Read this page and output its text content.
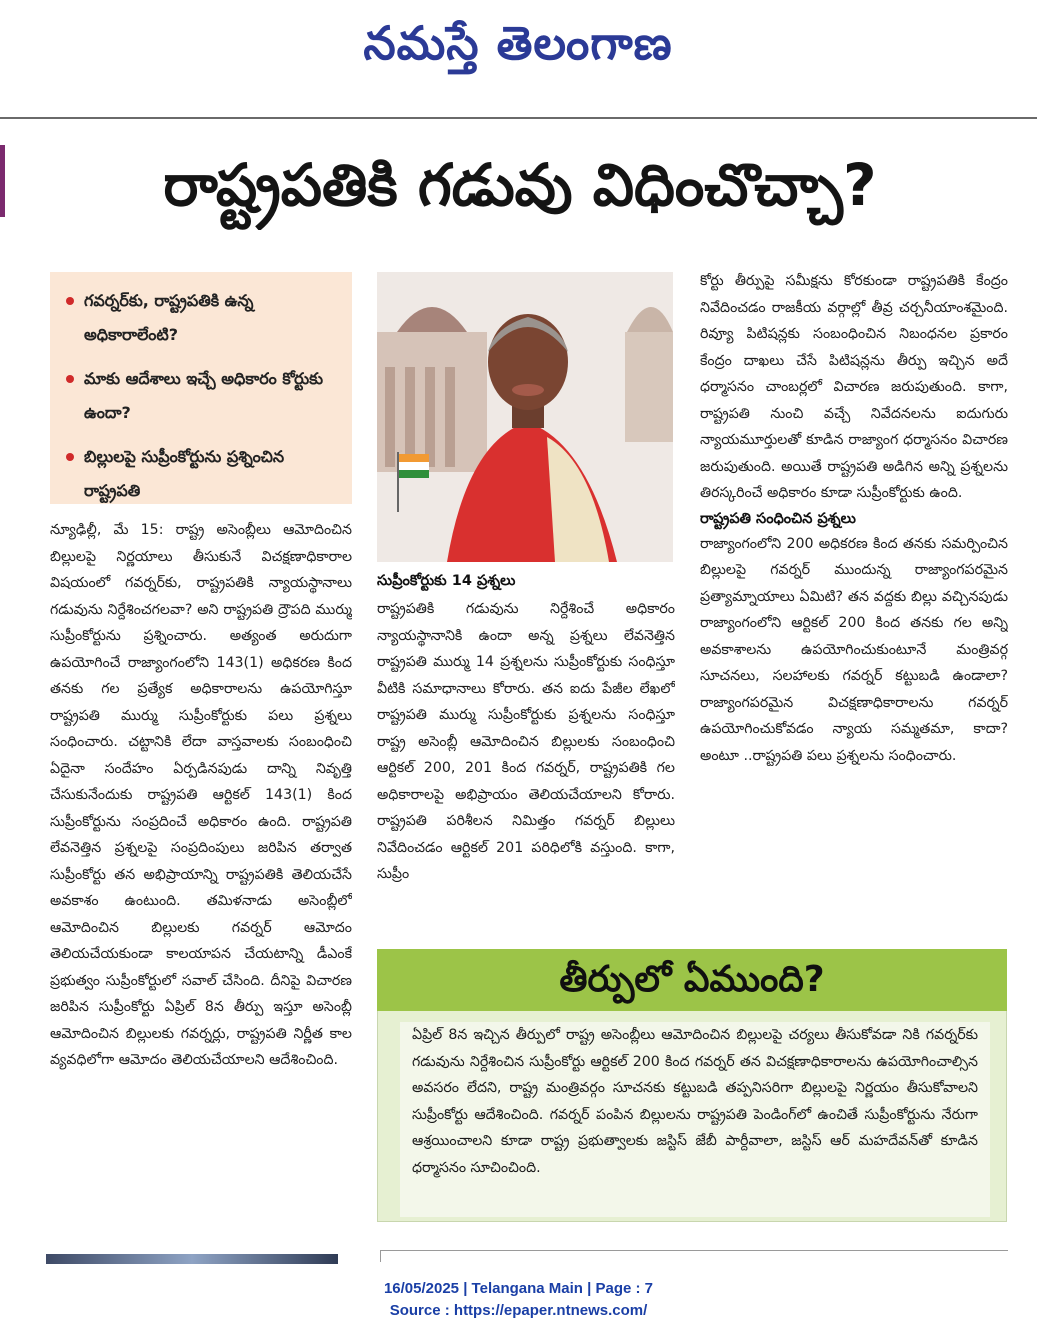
నమస్తే తెలంగాణ
రాష్ట్రపతికి గడువు విధించొచ్చా?
గవర్నర్‌కు, రాష్ట్రపతికి ఉన్న అధికారాలేంటి?
మాకు ఆదేశాలు ఇచ్చే అధికారం కోర్టుకు ఉందా?
బిల్లులపై సుప్రీంకోర్టును ప్రశ్నించిన రాష్ట్రపతి
న్యూఢిల్లీ, మే 15: రాష్ట్ర అసెంబ్లీలు ఆమోదించిన బిల్లులపై నిర్ణయాలు తీసుకునే విచక్షణాధికారాల విషయంలో గవర్నర్‌కు, రాష్ట్రపతికి న్యాయస్థానాలు గడువును నిర్దేశించగలవా? అని రాష్ట్రపతి ద్రౌపది ముర్ము సుప్రీంకోర్టును ప్రశ్నించారు. అత్యంత అరుదుగా ఉపయోగించే రాజ్యాంగంలోని 143(1) అధికరణ కింద తనకు గల ప్రత్యేక అధికారాలను ఉపయోగిస్తూ రాష్ట్రపతి ముర్ము సుప్రీంకోర్టుకు పలు ప్రశ్నలు సంధించారు. చట్టానికి లేదా వాస్తవాలకు సంబంధించి ఏదైనా సందేహం ఏర్పడినపుడు దాన్ని నివృత్తి చేసుకునేందుకు రాష్ట్రపతి ఆర్టికల్ 143(1) కింద సుప్రీంకోర్టును సంప్రదించే అధికారం ఉంది. రాష్ట్రపతి లేవనెత్తిన ప్రశ్నలపై సంప్రదింపులు జరిపిన తర్వాత సుప్రీంకోర్టు తన అభిప్రాయాన్ని రాష్ట్రపతికి తెలియచేసే అవకాశం ఉంటుంది. తమిళనాడు అసెంబ్లీలో ఆమోదించిన బిల్లులకు గవర్నర్ ఆమోదం తెలియచేయకుండా కాలయాపన చేయటాన్ని డీఎంకే ప్రభుత్వం సుప్రీంకోర్టులో సవాల్ చేసింది. దీనిపై విచారణ జరిపిన సుప్రీంకోర్టు ఏప్రిల్ 8న తీర్పు ఇస్తూ అసెంబ్లీ ఆమోదించిన బిల్లులకు గవర్నర్లు, రాష్ట్రపతి నిర్ణీత కాల వ్యవధిలోగా ఆమోదం తెలియచేయాలని ఆదేశించింది.
సుప్రీంకోర్టుకు 14 ప్రశ్నలు
రాష్ట్రపతికి గడువును నిర్దేశించే అధికారం న్యాయస్థానానికి ఉందా అన్న ప్రశ్నలు లేవనెత్తిన రాష్ట్రపతి ముర్ము 14 ప్రశ్నలను సుప్రీంకోర్టుకు సంధిస్తూ వీటికి సమాధానాలు కోరారు. తన ఐదు పేజీల లేఖలో రాష్ట్రపతి ముర్ము సుప్రీంకోర్టుకు ప్రశ్నలను సంధిస్తూ రాష్ట్ర అసెంబ్లీ ఆమోదించిన బిల్లులకు సంబంధించి ఆర్టికల్ 200, 201 కింద గవర్నర్, రాష్ట్రపతికి గల అధికారాలపై అభిప్రాయం తెలియచేయాలని కోరారు. రాష్ట్రపతి పరిశీలన నిమిత్తం గవర్నర్ బిల్లులు నివేదించడం ఆర్టికల్ 201 పరిధిలోకి వస్తుంది. కాగా, సుప్రీం
కోర్టు తీర్పుపై సమీక్షను కోరకుండా రాష్ట్రపతికి కేంద్రం నివేదించడం రాజకీయ వర్గాల్లో తీవ్ర చర్చనీయాంశమైంది. రివ్యూ పిటిషన్లకు సంబంధించిన నిబంధనల ప్రకారం కేంద్రం దాఖలు చేసే పిటిషన్లను తీర్పు ఇచ్చిన అదే ధర్మాసనం చాంబర్లలో విచారణ జరుపుతుంది. కాగా, రాష్ట్రపతి నుంచి వచ్చే నివేదనలను ఐదుగురు న్యాయమూర్తులతో కూడిన రాజ్యాంగ ధర్మాసనం విచారణ జరుపుతుంది. అయితే రాష్ట్రపతి అడిగిన అన్ని ప్రశ్నలను తిరస్కరించే అధికారం కూడా సుప్రీంకోర్టుకు ఉంది.

రాష్ట్రపతి సంధించిన ప్రశ్నలు

రాజ్యాంగంలోని 200 అధికరణ కింద తనకు సమర్పించిన బిల్లులపై గవర్నర్ ముందున్న రాజ్యాంగపరమైన ప్రత్యామ్నాయాలు ఏమిటి? తన వద్దకు బిల్లు వచ్చినపుడు రాజ్యాంగంలోని ఆర్టికల్ 200 కింద తనకు గల అన్ని అవకాశాలను ఉపయోగించుకుంటూనే మంత్రివర్గ సూచనలు, సలహాలకు గవర్నర్ కట్టుబడి ఉండాలా? రాజ్యాంగపరమైన విచక్షణాధికారాలను గవర్నర్ ఉపయోగించుకోవడం న్యాయ సమ్మతమా, కాదా? అంటూ ..రాష్ట్రపతి పలు ప్రశ్నలను సంధించారు.
తీర్పులో ఏముంది?
ఏప్రిల్ 8న ఇచ్చిన తీర్పులో రాష్ట్ర అసెంబ్లీలు ఆమోదించిన బిల్లులపై చర్యలు తీసుకోవడా నికి గవర్నర్‌కు గడువును నిర్దేశించిన సుప్రీంకోర్టు ఆర్టికల్ 200 కింద గవర్నర్ తన విచక్షణాధికారాలను ఉపయోగించాల్సిన అవసరం లేదని, రాష్ట్ర మంత్రివర్గం సూచనకు కట్టుబడి తప్పనిసరిగా బిల్లులపై నిర్ణయం తీసుకోవాలని సుప్రీంకోర్టు ఆదేశించింది. గవర్నర్ పంపిన బిల్లులను రాష్ట్రపతి పెండింగ్‌లో ఉంచితే సుప్రీంకోర్టును నేరుగా ఆశ్రయించాలని కూడా రాష్ట్ర ప్రభుత్వాలకు జస్టిస్ జేబీ పార్దీవాలా, జస్టిస్ ఆర్ మహదేవన్‌తో కూడిన ధర్మాసనం సూచించింది.
16/05/2025 | Telangana Main | Page : 7
Source : https://epaper.ntnews.com/
